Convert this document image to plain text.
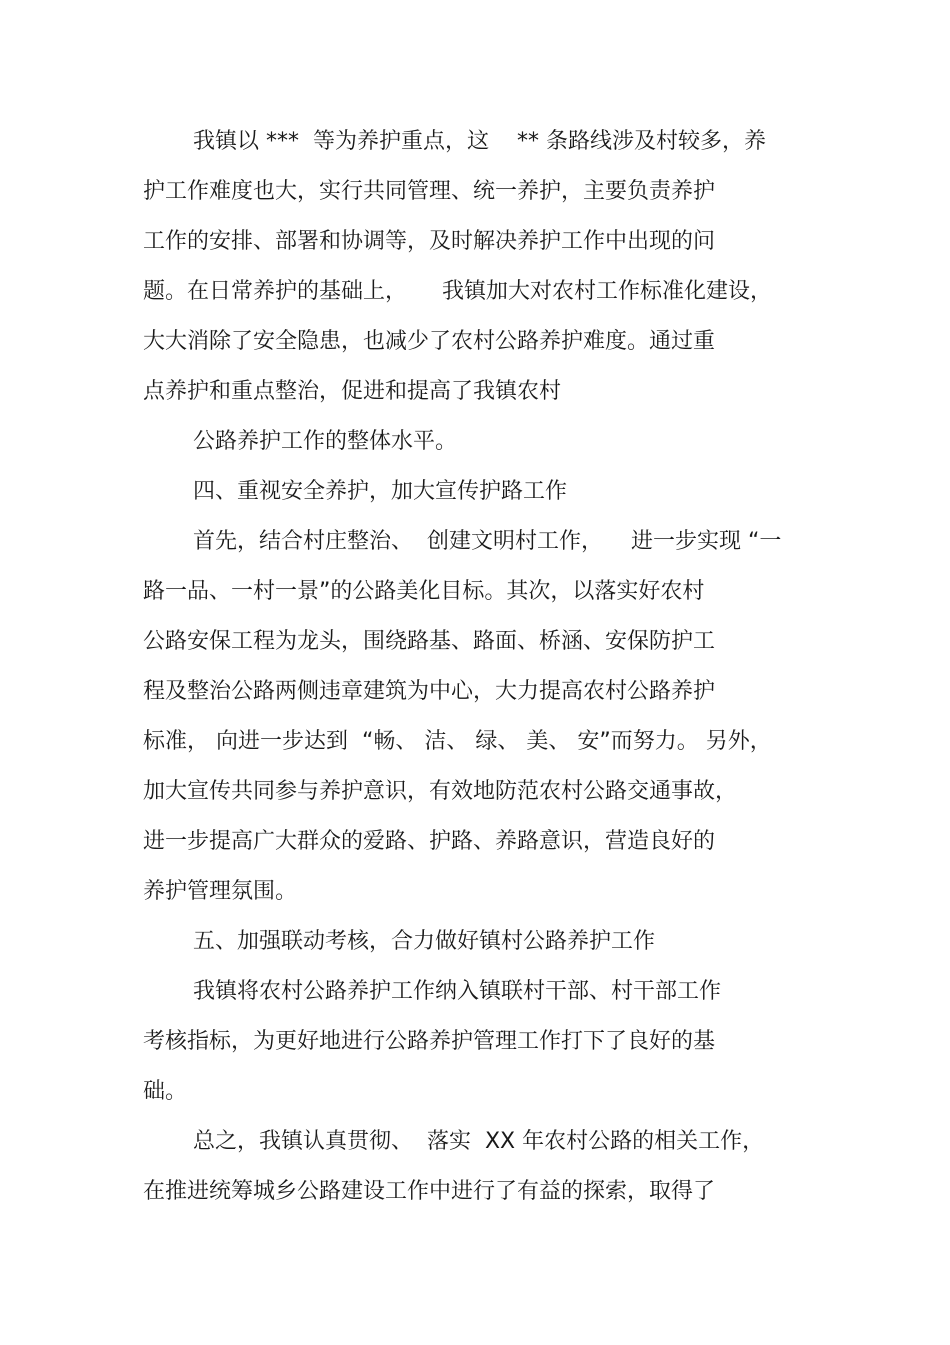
我镇以 ***  等为养护重点，这    ** 条路线涉及村较多，养
护工作难度也大，实行共同管理、统一养护，主要负责养护
工作的安排、部署和协调等，及时解决养护工作中出现的问
题。在日常养护的基础上，     我镇加大对农村工作标准化建设，
大大消除了安全隐患，也减少了农村公路养护难度。通过重
点养护和重点整治，促进和提高了我镇农村
公路养护工作的整体水平。
四、重视安全养护，加大宣传护路工作
首先，结合村庄整治、  创建文明村工作，    进一步实现 “一
路一品、一村一景”的公路美化目标。其次，以落实好农村
公路安保工程为龙头，围绕路基、路面、桥涵、安保防护工
程及整治公路两侧违章建筑为中心，大力提高农村公路养护
标准， 向进一步达到  “畅、 洁、 绿、 美、 安”而努力。 另外，
加大宣传共同参与养护意识，有效地防范农村公路交通事故，
进一步提高广大群众的爱路、护路、养路意识，营造良好的
养护管理氛围。
五、加强联动考核，合力做好镇村公路养护工作
我镇将农村公路养护工作纳入镇联村干部、村干部工作
考核指标，为更好地进行公路养护管理工作打下了良好的基
础。
总之，我镇认真贯彻、  落实  XX 年农村公路的相关工作，
在推进统筹城乡公路建设工作中进行了有益的探索，取得了
